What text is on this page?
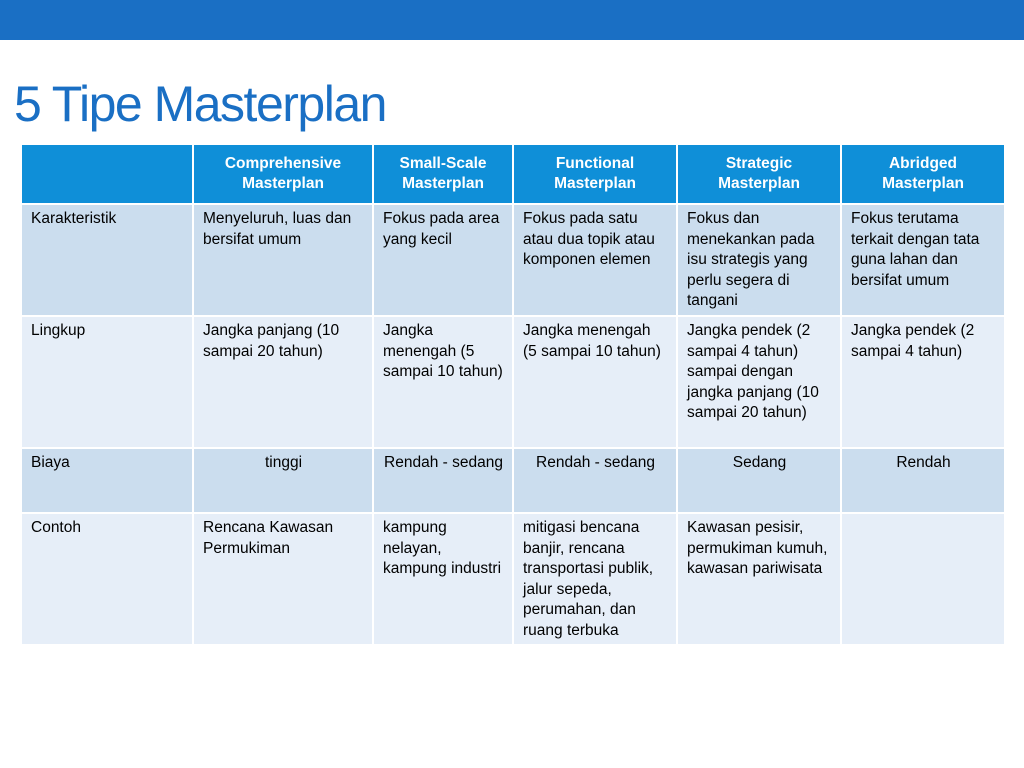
5 Tipe Masterplan
	Comprehensive Masterplan	Small-Scale Masterplan	Functional Masterplan	Strategic Masterplan	Abridged Masterplan
Karakteristik	Menyeluruh, luas dan bersifat umum	Fokus pada area yang kecil	Fokus pada satu atau dua topik atau komponen elemen	Fokus dan menekankan pada isu strategis yang perlu segera di tangani	Fokus terutama terkait dengan tata guna lahan dan bersifat umum
Lingkup	Jangka panjang (10 sampai 20 tahun)	Jangka menengah (5 sampai 10 tahun)	Jangka menengah (5 sampai 10 tahun)	Jangka pendek (2 sampai 4 tahun) sampai dengan jangka panjang (10 sampai 20 tahun)	Jangka pendek (2 sampai 4 tahun)
Biaya	tinggi	Rendah - sedang	Rendah - sedang	Sedang	Rendah
Contoh	Rencana Kawasan Permukiman	kampung nelayan, kampung industri	mitigasi bencana banjir, rencana transportasi publik, jalur sepeda, perumahan, dan ruang terbuka	Kawasan pesisir, permukiman kumuh, kawasan pariwisata	
